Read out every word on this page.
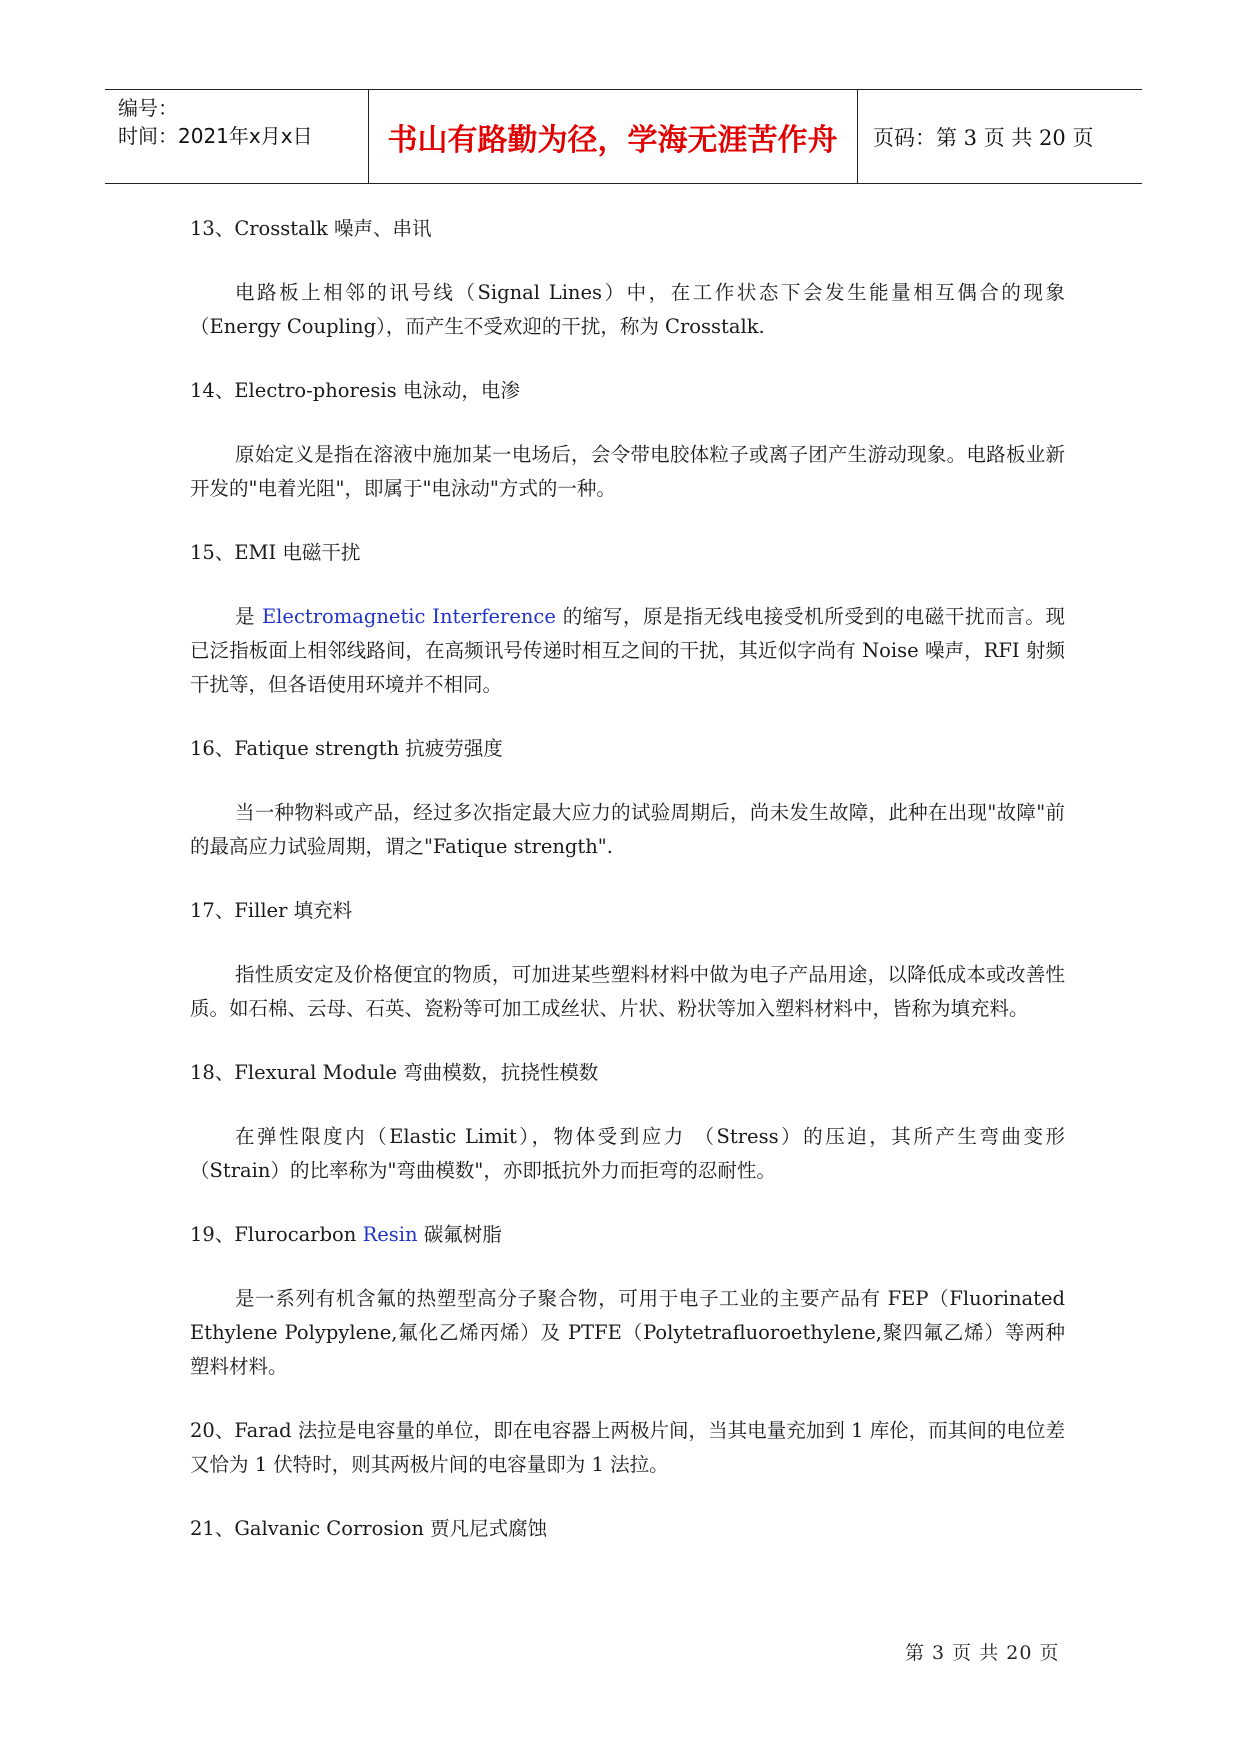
编号：
时间：2021年x月x日	书山有路勤为径，学海无涯苦作舟	页码：第 3 页 共 20 页

13、Crosstalk 噪声、串讯

电路板上相邻的讯号线（Signal Lines）中，在工作状态下会发生能量相互偶合的现象（Energy Coupling），而产生不受欢迎的干扰，称为 Crosstalk.

14、Electro-phoresis 电泳动，电渗

原始定义是指在溶液中施加某一电场后，会令带电胶体粒子或离子团产生游动现象。电路板业新开发的"电着光阻"，即属于"电泳动"方式的一种。

15、EMI 电磁干扰

是 Electromagnetic Interference 的缩写，原是指无线电接受机所受到的电磁干扰而言。现已泛指板面上相邻线路间，在高频讯号传递时相互之间的干扰，其近似字尚有 Noise 噪声，RFI 射频干扰等，但各语使用环境并不相同。

16、Fatique strength 抗疲劳强度

当一种物料或产品，经过多次指定最大应力的试验周期后，尚未发生故障，此种在出现"故障"前的最高应力试验周期，谓之"Fatique strength".

17、Filler 填充料

指性质安定及价格便宜的物质，可加进某些塑料材料中做为电子产品用途，以降低成本或改善性质。如石棉、云母、石英、瓷粉等可加工成丝状、片状、粉状等加入塑料材料中，皆称为填充料。

18、Flexural Module 弯曲模数，抗挠性模数

在弹性限度内（Elastic Limit），物体受到应力 （Stress）的压迫，其所产生弯曲变形（Strain）的比率称为"弯曲模数"，亦即抵抗外力而拒弯的忍耐性。

19、Flurocarbon Resin 碳氟树脂

是一系列有机含氟的热塑型高分子聚合物，可用于电子工业的主要产品有 FEP（Fluorinated Ethylene Polypylene,氟化乙烯丙烯）及 PTFE（Polytetrafluoroethylene,聚四氟乙烯）等两种塑料材料。

20、Farad 法拉是电容量的单位，即在电容器上两极片间，当其电量充加到 1 库伦，而其间的电位差又恰为 1 伏特时，则其两极片间的电容量即为 1 法拉。

21、Galvanic Corrosion 贾凡尼式腐蚀

第 3 页 共 20 页
